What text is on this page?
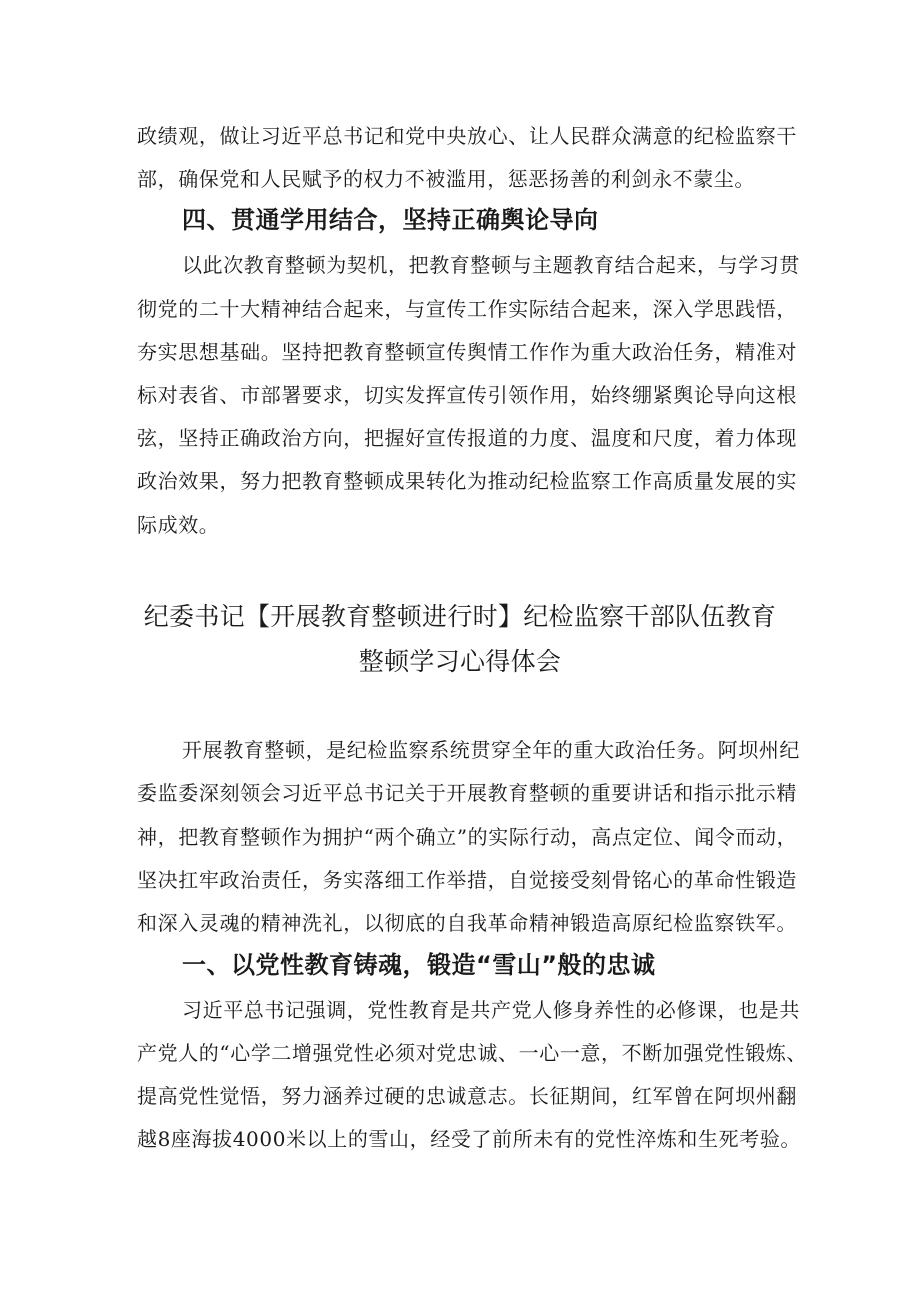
政绩观，做让习近平总书记和党中央放心、让人民群众满意的纪检监察干
部，确保党和人民赋予的权力不被滥用，惩恶扬善的利剑永不蒙尘。
四、贯通学用结合，坚持正确舆论导向
以此次教育整顿为契机，把教育整顿与主题教育结合起来，与学习贯
彻党的二十大精神结合起来，与宣传工作实际结合起来，深入学思践悟，
夯实思想基础。坚持把教育整顿宣传舆情工作作为重大政治任务，精准对
标对表省、市部署要求，切实发挥宣传引领作用，始终绷紧舆论导向这根
弦，坚持正确政治方向，把握好宣传报道的力度、温度和尺度，着力体现
政治效果，努力把教育整顿成果转化为推动纪检监察工作高质量发展的实
际成效。
纪委书记【开展教育整顿进行时】纪检监察干部队伍教育
整顿学习心得体会
开展教育整顿，是纪检监察系统贯穿全年的重大政治任务。阿坝州纪
委监委深刻领会习近平总书记关于开展教育整顿的重要讲话和指示批示精
神，把教育整顿作为拥护“两个确立”的实际行动，高点定位、闻令而动，
坚决扛牢政治责任，务实落细工作举措，自觉接受刻骨铭心的革命性锻造
和深入灵魂的精神洗礼，以彻底的自我革命精神锻造高原纪检监察铁军。
一、以党性教育铸魂，锻造“雪山”般的忠诚
习近平总书记强调，党性教育是共产党人修身养性的必修课，也是共
产党人的“心学二增强党性必须对党忠诚、一心一意，不断加强党性锻炼、
提高党性觉悟，努力涵养过硬的忠诚意志。长征期间，红军曾在阿坝州翻
越8座海拔4000米以上的雪山，经受了前所未有的党性淬炼和生死考验。
